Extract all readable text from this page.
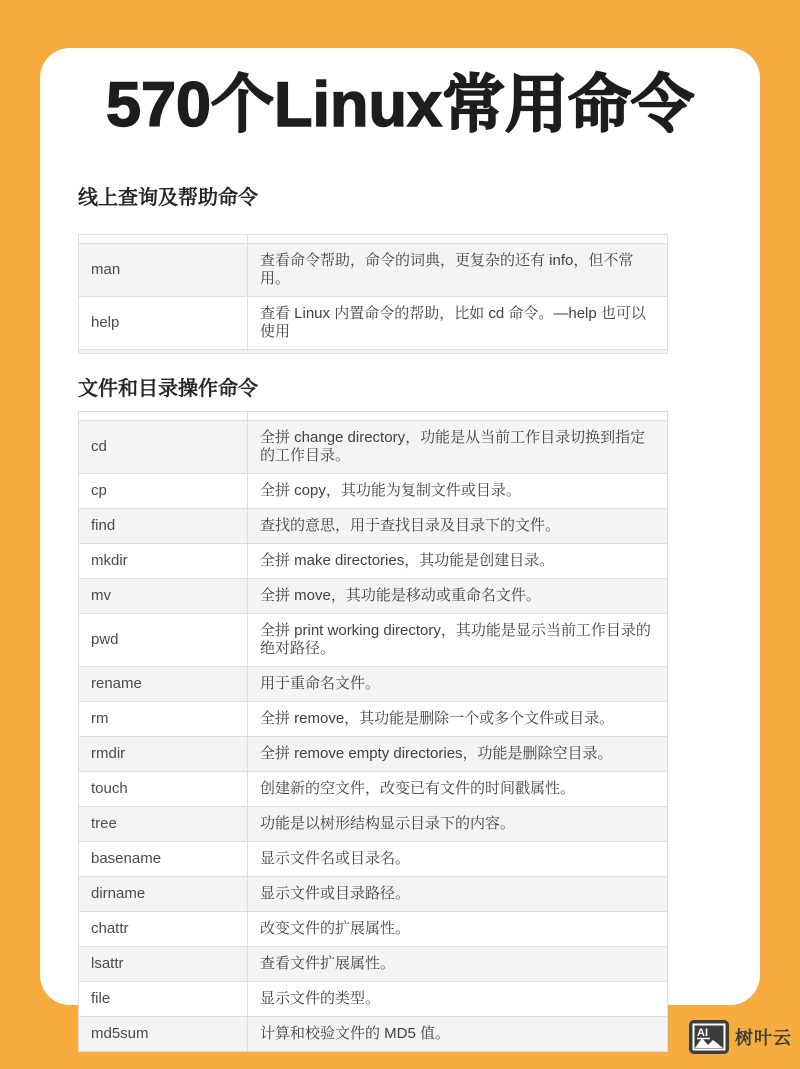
570个Linux常用命令
线上查询及帮助命令

man	查看命令帮助，命令的词典，更复杂的还有 info，但不常用。
help	查看 Linux 内置命令的帮助，比如 cd 命令。—help 也可以使用

文件和目录操作命令

cd	全拼 change directory，功能是从当前工作目录切换到指定的工作目录。
cp	全拼 copy，其功能为复制文件或目录。
find	查找的意思，用于查找目录及目录下的文件。
mkdir	全拼 make directories，其功能是创建目录。
mv	全拼 move，其功能是移动或重命名文件。
pwd	全拼 print working directory，其功能是显示当前工作目录的绝对路径。
rename	用于重命名文件。
rm	全拼 remove，其功能是删除一个或多个文件或目录。
rmdir	全拼 remove empty directories，功能是删除空目录。
touch	创建新的空文件，改变已有文件的时间戳属性。
tree	功能是以树形结构显示目录下的内容。
basename	显示文件名或目录名。
dirname	显示文件或目录路径。
chattr	改变文件的扩展属性。
lsattr	查看文件扩展属性。
file	显示文件的类型。
md5sum	计算和校验文件的 MD5 值。	AI 树叶云
